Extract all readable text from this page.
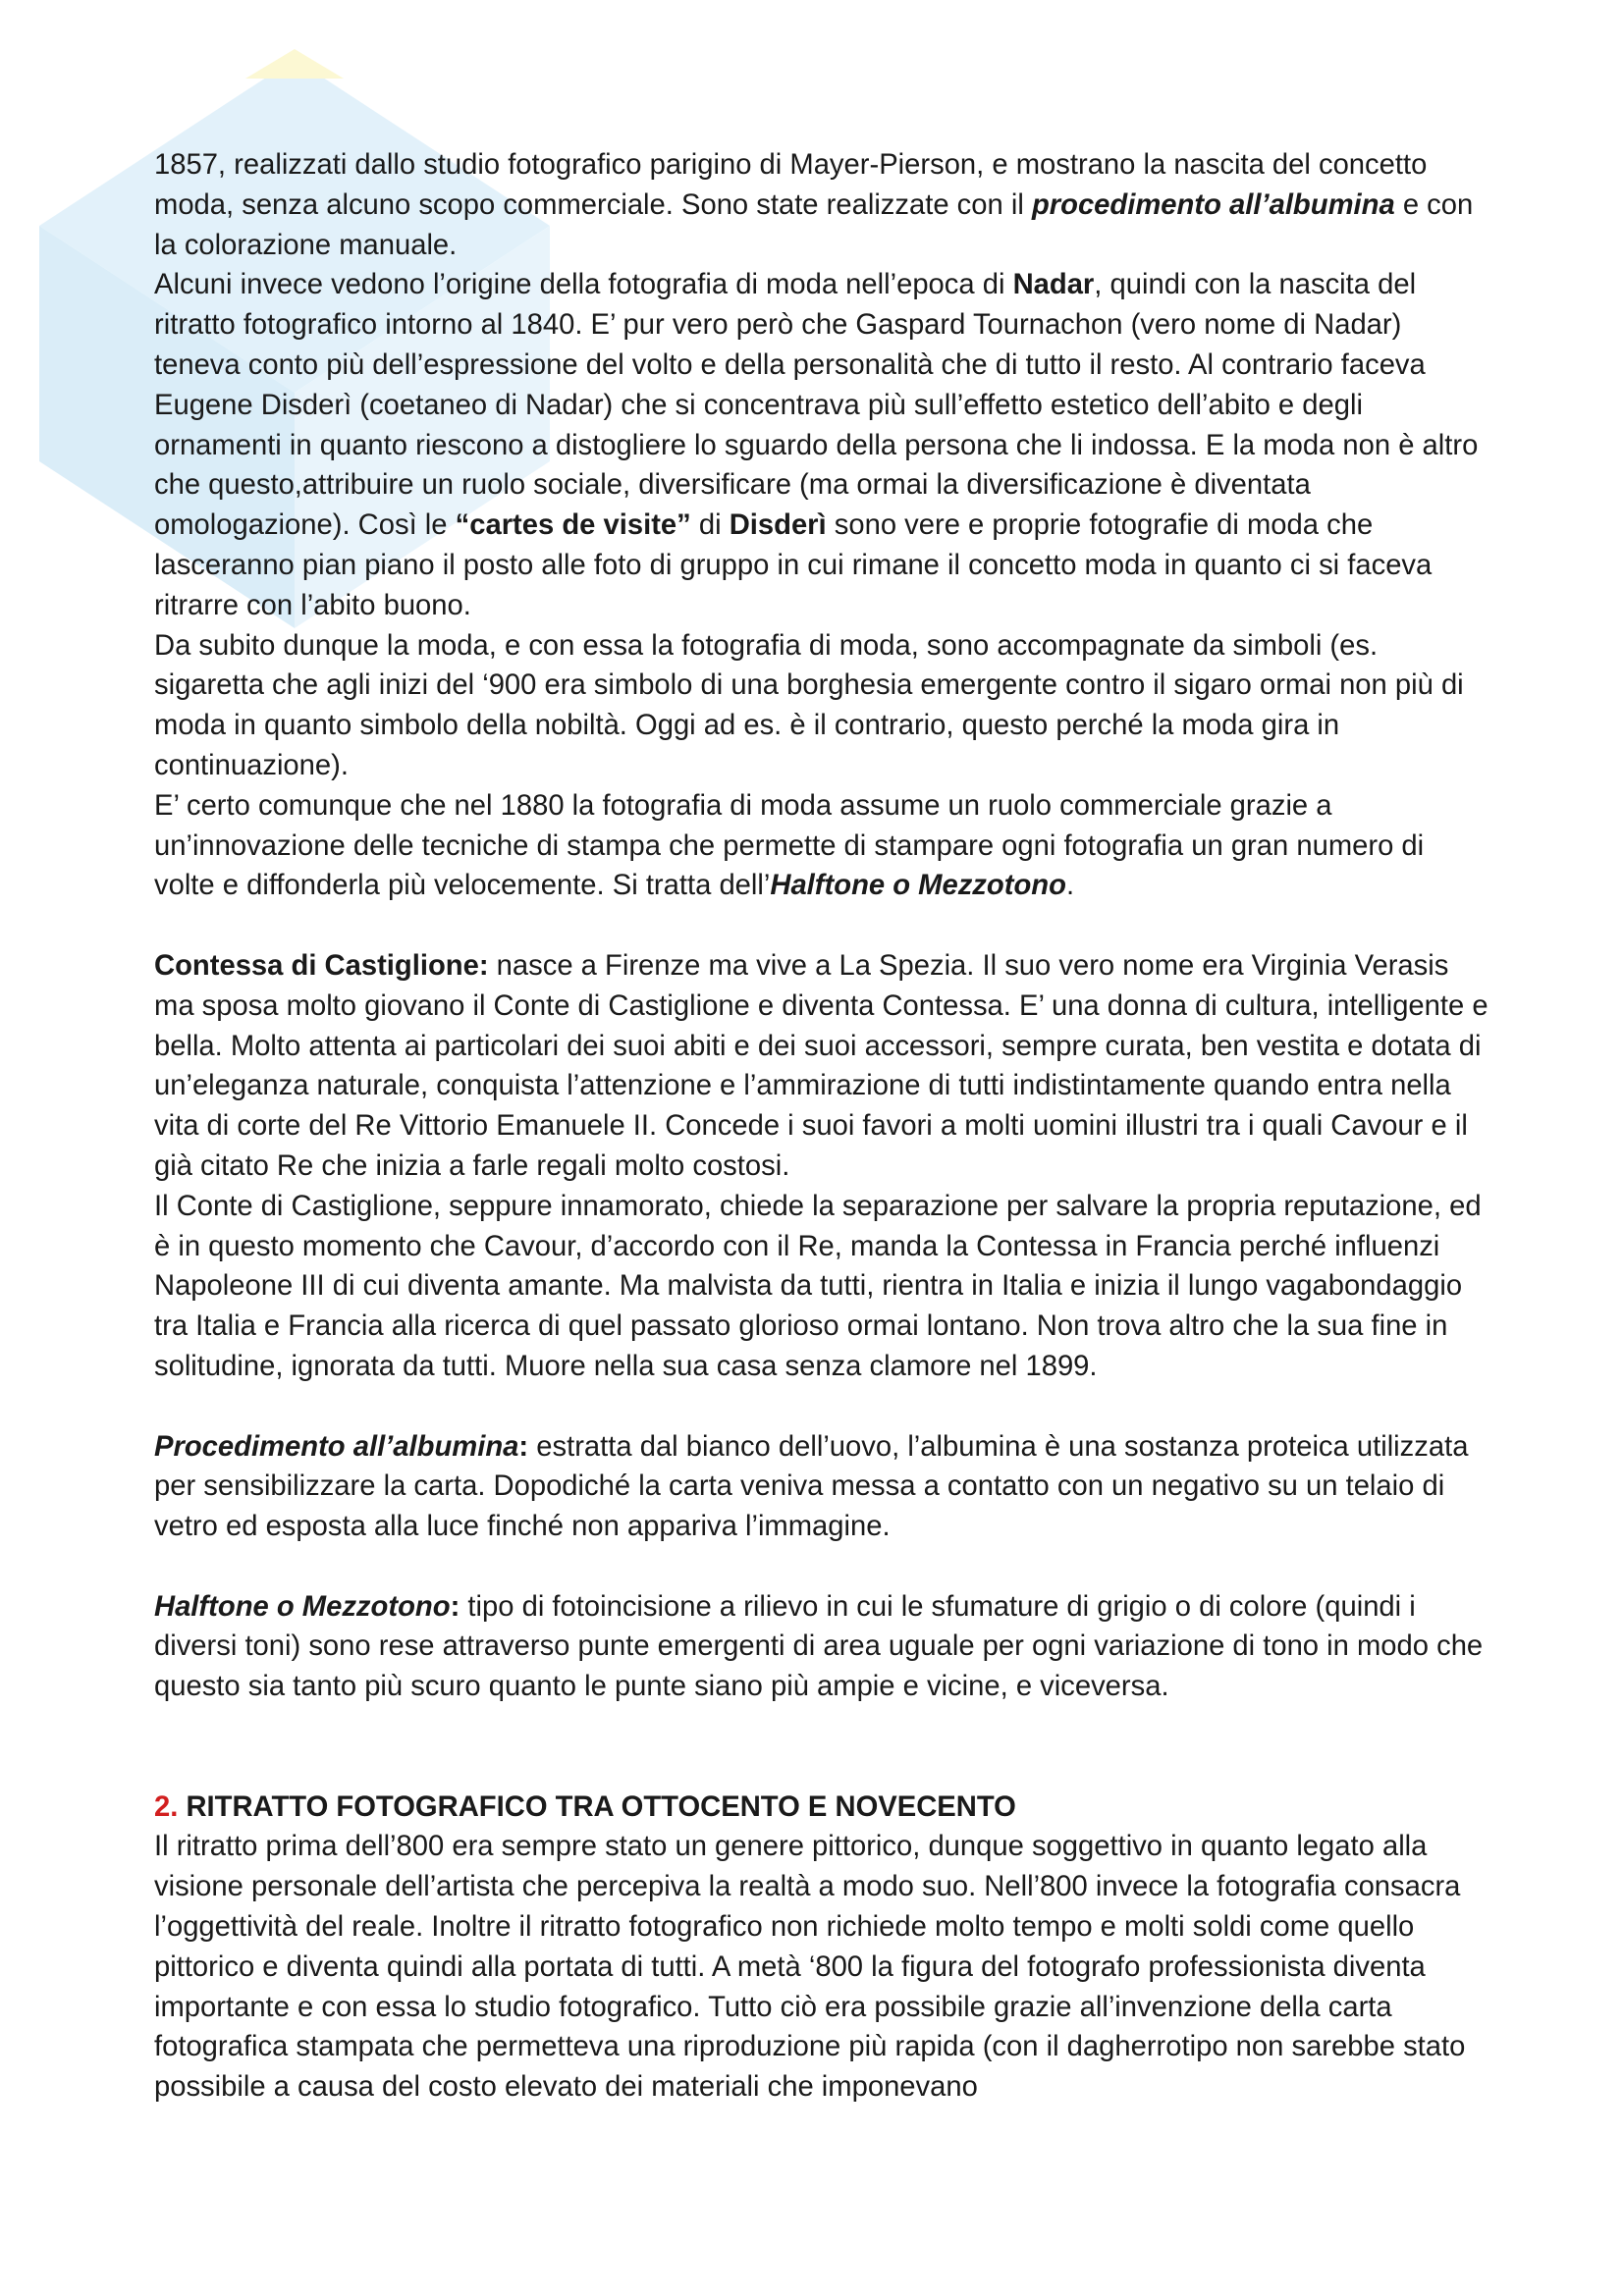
1857, realizzati dallo studio fotografico parigino di Mayer-Pierson, e mostrano la nascita del concetto moda, senza alcuno scopo commerciale. Sono state realizzate con il procedimento all’albumina e con la colorazione manuale.

Alcuni invece vedono l’origine della fotografia di moda nell’epoca di Nadar, quindi con la nascita del ritratto fotografico intorno al 1840. E’ pur vero però che Gaspard Tournachon (vero nome di Nadar) teneva conto più dell’espressione del volto e della personalità che di tutto il resto. Al contrario faceva Eugene Disderì (coetaneo di Nadar) che si concentrava più sull’effetto estetico dell’abito e degli ornamenti in quanto riescono a distogliere lo sguardo della persona che li indossa. E la moda non è altro che questo,attribuire un ruolo sociale, diversificare (ma ormai la diversificazione è diventata omologazione). Così le “cartes de visite” di Disderì sono vere e proprie fotografie di moda che lasceranno pian piano il posto alle foto di gruppo in cui rimane il concetto moda in quanto ci si faceva ritrarre con l’abito buono.

Da subito dunque la moda, e con essa la fotografia di moda, sono accompagnate da simboli (es. sigaretta che agli inizi del ‘900 era simbolo di una borghesia emergente contro il sigaro ormai non più di moda in quanto simbolo della nobiltà. Oggi ad es. è il contrario, questo perché la moda gira in continuazione).

E’ certo comunque che nel 1880 la fotografia di moda assume un ruolo commerciale grazie a un’innovazione delle tecniche di stampa che permette di stampare ogni fotografia un gran numero di volte e diffonderla più velocemente. Si tratta dell’Halftone o Mezzotono.

Contessa di Castiglione: nasce a Firenze ma vive a La Spezia. Il suo vero nome era Virginia Verasis ma sposa molto giovano il Conte di Castiglione e diventa Contessa. E’ una donna di cultura, intelligente e bella. Molto attenta ai particolari dei suoi abiti e dei suoi accessori, sempre curata, ben vestita e dotata di un’eleganza naturale, conquista l’attenzione e l’ammirazione di tutti indistintamente quando entra nella vita di corte del Re Vittorio Emanuele II. Concede i suoi favori a molti uomini illustri tra i quali Cavour e il già citato Re che inizia a farle regali molto costosi.

Il Conte di Castiglione, seppure innamorato, chiede la separazione per salvare la propria reputazione, ed è in questo momento che Cavour, d’accordo con il Re, manda la Contessa in Francia perché influenzi Napoleone III di cui diventa amante. Ma malvista da tutti, rientra in Italia e inizia il lungo vagabondaggio tra Italia e Francia alla ricerca di quel passato glorioso ormai lontano. Non trova altro che la sua fine in solitudine, ignorata da tutti. Muore nella sua casa senza clamore nel 1899.

Procedimento all’albumina: estratta dal bianco dell’uovo, l’albumina è una sostanza proteica utilizzata per sensibilizzare la carta. Dopodiché la carta veniva messa a contatto con un negativo su un telaio di vetro ed esposta alla luce finché non appariva l’immagine.

Halftone o Mezzotono: tipo di fotoincisione a rilievo in cui le sfumature di grigio o di colore (quindi i diversi toni) sono rese attraverso punte emergenti di area uguale per ogni variazione di tono in modo che questo sia tanto più scuro quanto le punte siano più ampie e vicine, e viceversa.

2. RITRATTO FOTOGRAFICO TRA OTTOCENTO E NOVECENTO

Il ritratto prima dell’800 era sempre stato un genere pittorico, dunque soggettivo in quanto legato alla visione personale dell’artista che percepiva la realtà a modo suo. Nell’800 invece la fotografia consacra l’oggettività del reale. Inoltre il ritratto fotografico non richiede molto tempo e molti soldi come quello pittorico e diventa quindi alla portata di tutti. A metà ‘800 la figura del fotografo professionista diventa importante e con essa lo studio fotografico. Tutto ciò era possibile grazie all’invenzione della carta fotografica stampata che permetteva una riproduzione più rapida (con il dagherrotipo non sarebbe stato possibile a causa del costo elevato dei materiali che imponevano
